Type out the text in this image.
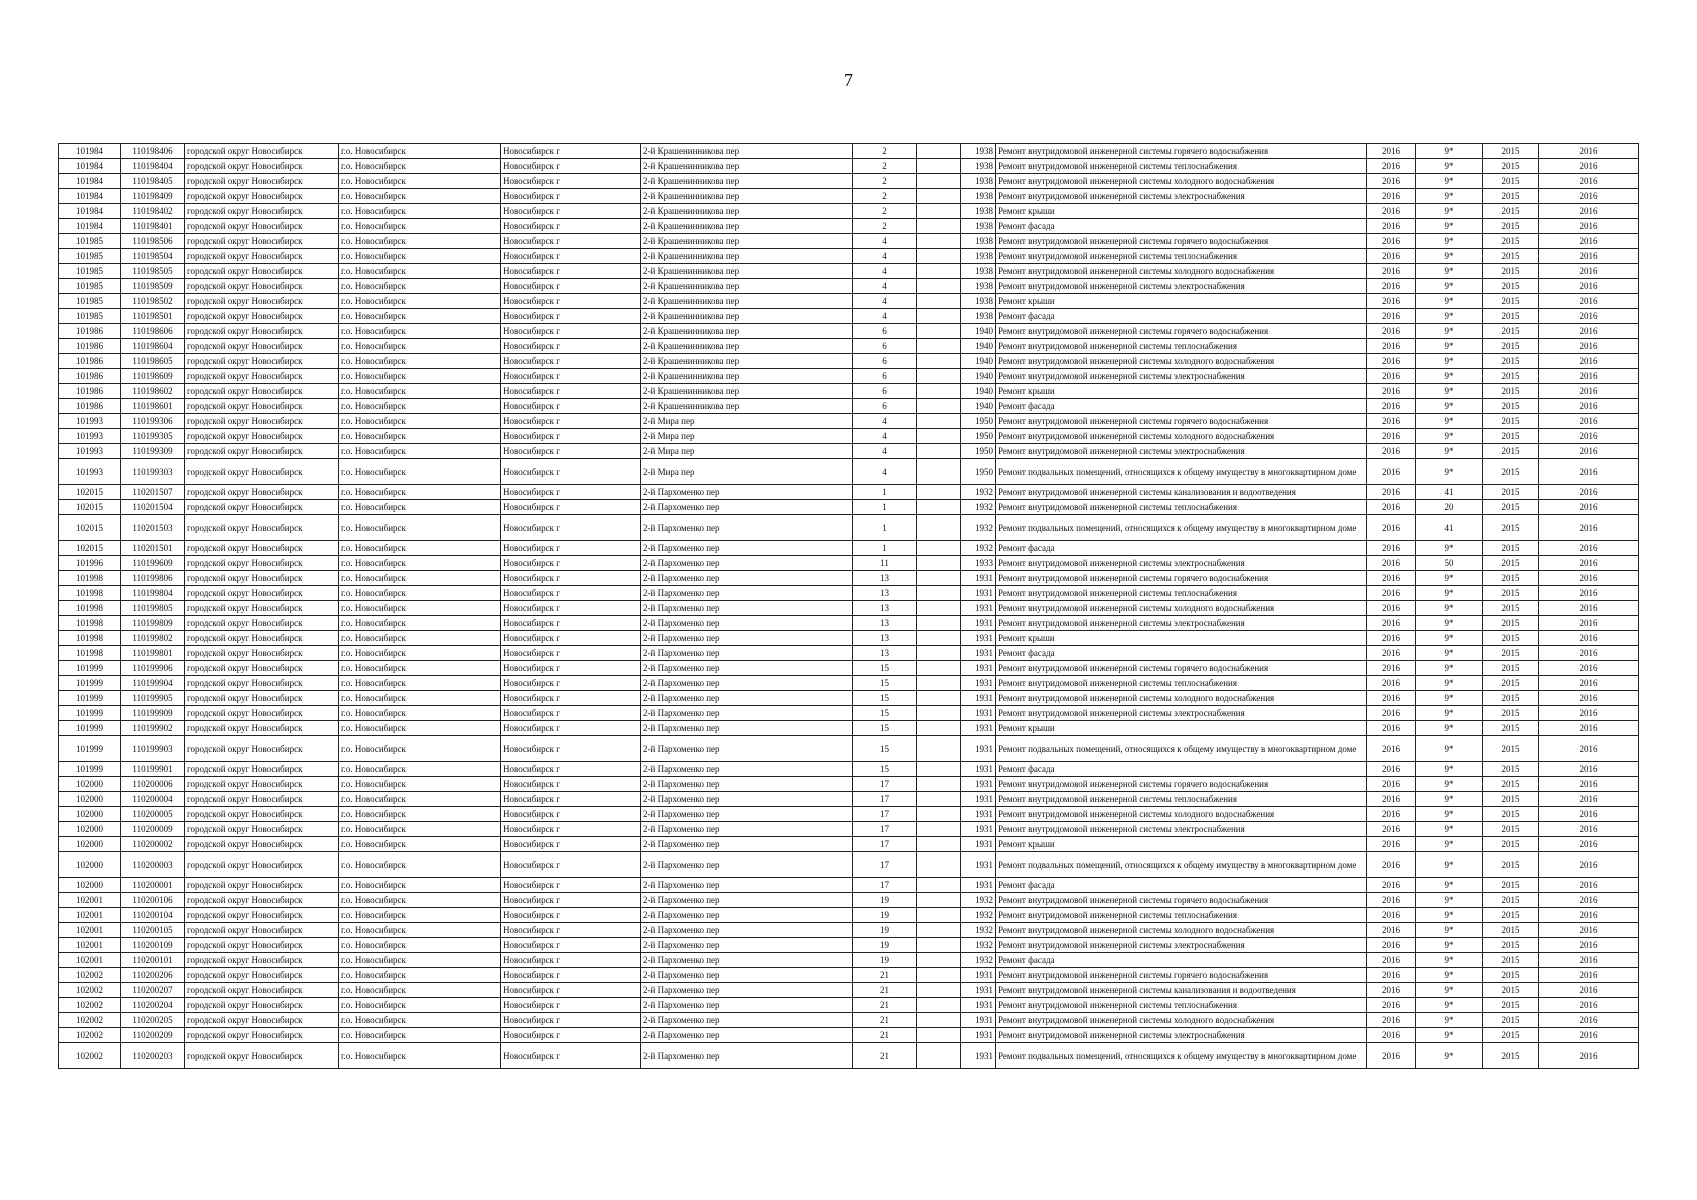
7
101984	110198406	городской округ Новосибирск	г.о. Новосибирск	Новосибирск г	2-й Крашенинникова пер	2		1938	Ремонт внутридомовой инженерной системы горячего водоснабжения	2016	9*	2015	2016
101984	110198404	городской округ Новосибирск	г.о. Новосибирск	Новосибирск г	2-й Крашенинникова пер	2		1938	Ремонт внутридомовой инженерной системы теплоснабжения	2016	9*	2015	2016
101984	110198405	городской округ Новосибирск	г.о. Новосибирск	Новосибирск г	2-й Крашенинникова пер	2		1938	Ремонт внутридомовой инженерной системы холодного водоснабжения	2016	9*	2015	2016
101984	110198409	городской округ Новосибирск	г.о. Новосибирск	Новосибирск г	2-й Крашенинникова пер	2		1938	Ремонт внутридомовой инженерной системы электроснабжения	2016	9*	2015	2016
101984	110198402	городской округ Новосибирск	г.о. Новосибирск	Новосибирск г	2-й Крашенинникова пер	2		1938	Ремонт крыши	2016	9*	2015	2016
101984	110198401	городской округ Новосибирск	г.о. Новосибирск	Новосибирск г	2-й Крашенинникова пер	2		1938	Ремонт фасада	2016	9*	2015	2016
101985	110198506	городской округ Новосибирск	г.о. Новосибирск	Новосибирск г	2-й Крашенинникова пер	4		1938	Ремонт внутридомовой инженерной системы горячего водоснабжения	2016	9*	2015	2016
101985	110198504	городской округ Новосибирск	г.о. Новосибирск	Новосибирск г	2-й Крашенинникова пер	4		1938	Ремонт внутридомовой инженерной системы теплоснабжения	2016	9*	2015	2016
101985	110198505	городской округ Новосибирск	г.о. Новосибирск	Новосибирск г	2-й Крашенинникова пер	4		1938	Ремонт внутридомовой инженерной системы холодного водоснабжения	2016	9*	2015	2016
101985	110198509	городской округ Новосибирск	г.о. Новосибирск	Новосибирск г	2-й Крашенинникова пер	4		1938	Ремонт внутридомовой инженерной системы электроснабжения	2016	9*	2015	2016
101985	110198502	городской округ Новосибирск	г.о. Новосибирск	Новосибирск г	2-й Крашенинникова пер	4		1938	Ремонт крыши	2016	9*	2015	2016
101985	110198501	городской округ Новосибирск	г.о. Новосибирск	Новосибирск г	2-й Крашенинникова пер	4		1938	Ремонт фасада	2016	9*	2015	2016
101986	110198606	городской округ Новосибирск	г.о. Новосибирск	Новосибирск г	2-й Крашенинникова пер	6		1940	Ремонт внутридомовой инженерной системы горячего водоснабжения	2016	9*	2015	2016
101986	110198604	городской округ Новосибирск	г.о. Новосибирск	Новосибирск г	2-й Крашенинникова пер	6		1940	Ремонт внутридомовой инженерной системы теплоснабжения	2016	9*	2015	2016
101986	110198605	городской округ Новосибирск	г.о. Новосибирск	Новосибирск г	2-й Крашенинникова пер	6		1940	Ремонт внутридомовой инженерной системы холодного водоснабжения	2016	9*	2015	2016
101986	110198609	городской округ Новосибирск	г.о. Новосибирск	Новосибирск г	2-й Крашенинникова пер	6		1940	Ремонт внутридомовой инженерной системы электроснабжения	2016	9*	2015	2016
101986	110198602	городской округ Новосибирск	г.о. Новосибирск	Новосибирск г	2-й Крашенинникова пер	6		1940	Ремонт крыши	2016	9*	2015	2016
101986	110198601	городской округ Новосибирск	г.о. Новосибирск	Новосибирск г	2-й Крашенинникова пер	6		1940	Ремонт фасада	2016	9*	2015	2016
101993	110199306	городской округ Новосибирск	г.о. Новосибирск	Новосибирск г	2-й Мира пер	4		1950	Ремонт внутридомовой инженерной системы горячего водоснабжения	2016	9*	2015	2016
101993	110199305	городской округ Новосибирск	г.о. Новосибирск	Новосибирск г	2-й Мира пер	4		1950	Ремонт внутридомовой инженерной системы холодного водоснабжения	2016	9*	2015	2016
101993	110199309	городской округ Новосибирск	г.о. Новосибирск	Новосибирск г	2-й Мира пер	4		1950	Ремонт внутридомовой инженерной системы электроснабжения	2016	9*	2015	2016
101993	110199303	городской округ Новосибирск	г.о. Новосибирск	Новосибирск г	2-й Мира пер	4		1950	Ремонт подвальных помещений, относящихся к общему имуществу в многоквартирном доме	2016	9*	2015	2016
102015	110201507	городской округ Новосибирск	г.о. Новосибирск	Новосибирск г	2-й Пархоменко пер	1		1932	Ремонт внутридомовой инженерной системы канализования и водоотведения	2016	41	2015	2016
102015	110201504	городской округ Новосибирск	г.о. Новосибирск	Новосибирск г	2-й Пархоменко пер	1		1932	Ремонт внутридомовой инженерной системы теплоснабжения	2016	20	2015	2016
102015	110201503	городской округ Новосибирск	г.о. Новосибирск	Новосибирск г	2-й Пархоменко пер	1		1932	Ремонт подвальных помещений, относящихся к общему имуществу в многоквартирном доме	2016	41	2015	2016
102015	110201501	городской округ Новосибирск	г.о. Новосибирск	Новосибирск г	2-й Пархоменко пер	1		1932	Ремонт фасада	2016	9*	2015	2016
101996	110199609	городской округ Новосибирск	г.о. Новосибирск	Новосибирск г	2-й Пархоменко пер	11		1933	Ремонт внутридомовой инженерной системы электроснабжения	2016	50	2015	2016
101998	110199806	городской округ Новосибирск	г.о. Новосибирск	Новосибирск г	2-й Пархоменко пер	13		1931	Ремонт внутридомовой инженерной системы горячего водоснабжения	2016	9*	2015	2016
101998	110199804	городской округ Новосибирск	г.о. Новосибирск	Новосибирск г	2-й Пархоменко пер	13		1931	Ремонт внутридомовой инженерной системы теплоснабжения	2016	9*	2015	2016
101998	110199805	городской округ Новосибирск	г.о. Новосибирск	Новосибирск г	2-й Пархоменко пер	13		1931	Ремонт внутридомовой инженерной системы холодного водоснабжения	2016	9*	2015	2016
101998	110199809	городской округ Новосибирск	г.о. Новосибирск	Новосибирск г	2-й Пархоменко пер	13		1931	Ремонт внутридомовой инженерной системы электроснабжения	2016	9*	2015	2016
101998	110199802	городской округ Новосибирск	г.о. Новосибирск	Новосибирск г	2-й Пархоменко пер	13		1931	Ремонт крыши	2016	9*	2015	2016
101998	110199801	городской округ Новосибирск	г.о. Новосибирск	Новосибирск г	2-й Пархоменко пер	13		1931	Ремонт фасада	2016	9*	2015	2016
101999	110199906	городской округ Новосибирск	г.о. Новосибирск	Новосибирск г	2-й Пархоменко пер	15		1931	Ремонт внутридомовой инженерной системы горячего водоснабжения	2016	9*	2015	2016
101999	110199904	городской округ Новосибирск	г.о. Новосибирск	Новосибирск г	2-й Пархоменко пер	15		1931	Ремонт внутридомовой инженерной системы теплоснабжения	2016	9*	2015	2016
101999	110199905	городской округ Новосибирск	г.о. Новосибирск	Новосибирск г	2-й Пархоменко пер	15		1931	Ремонт внутридомовой инженерной системы холодного водоснабжения	2016	9*	2015	2016
101999	110199909	городской округ Новосибирск	г.о. Новосибирск	Новосибирск г	2-й Пархоменко пер	15		1931	Ремонт внутридомовой инженерной системы электроснабжения	2016	9*	2015	2016
101999	110199902	городской округ Новосибирск	г.о. Новосибирск	Новосибирск г	2-й Пархоменко пер	15		1931	Ремонт крыши	2016	9*	2015	2016
101999	110199903	городской округ Новосибирск	г.о. Новосибирск	Новосибирск г	2-й Пархоменко пер	15		1931	Ремонт подвальных помещений, относящихся к общему имуществу в многоквартирном доме	2016	9*	2015	2016
101999	110199901	городской округ Новосибирск	г.о. Новосибирск	Новосибирск г	2-й Пархоменко пер	15		1931	Ремонт фасада	2016	9*	2015	2016
102000	110200006	городской округ Новосибирск	г.о. Новосибирск	Новосибирск г	2-й Пархоменко пер	17		1931	Ремонт внутридомовой инженерной системы горячего водоснабжения	2016	9*	2015	2016
102000	110200004	городской округ Новосибирск	г.о. Новосибирск	Новосибирск г	2-й Пархоменко пер	17		1931	Ремонт внутридомовой инженерной системы теплоснабжения	2016	9*	2015	2016
102000	110200005	городской округ Новосибирск	г.о. Новосибирск	Новосибирск г	2-й Пархоменко пер	17		1931	Ремонт внутридомовой инженерной системы холодного водоснабжения	2016	9*	2015	2016
102000	110200009	городской округ Новосибирск	г.о. Новосибирск	Новосибирск г	2-й Пархоменко пер	17		1931	Ремонт внутридомовой инженерной системы электроснабжения	2016	9*	2015	2016
102000	110200002	городской округ Новосибирск	г.о. Новосибирск	Новосибирск г	2-й Пархоменко пер	17		1931	Ремонт крыши	2016	9*	2015	2016
102000	110200003	городской округ Новосибирск	г.о. Новосибирск	Новосибирск г	2-й Пархоменко пер	17		1931	Ремонт подвальных помещений, относящихся к общему имуществу в многоквартирном доме	2016	9*	2015	2016
102000	110200001	городской округ Новосибирск	г.о. Новосибирск	Новосибирск г	2-й Пархоменко пер	17		1931	Ремонт фасада	2016	9*	2015	2016
102001	110200106	городской округ Новосибирск	г.о. Новосибирск	Новосибирск г	2-й Пархоменко пер	19		1932	Ремонт внутридомовой инженерной системы горячего водоснабжения	2016	9*	2015	2016
102001	110200104	городской округ Новосибирск	г.о. Новосибирск	Новосибирск г	2-й Пархоменко пер	19		1932	Ремонт внутридомовой инженерной системы теплоснабжения	2016	9*	2015	2016
102001	110200105	городской округ Новосибирск	г.о. Новосибирск	Новосибирск г	2-й Пархоменко пер	19		1932	Ремонт внутридомовой инженерной системы холодного водоснабжения	2016	9*	2015	2016
102001	110200109	городской округ Новосибирск	г.о. Новосибирск	Новосибирск г	2-й Пархоменко пер	19		1932	Ремонт внутридомовой инженерной системы электроснабжения	2016	9*	2015	2016
102001	110200101	городской округ Новосибирск	г.о. Новосибирск	Новосибирск г	2-й Пархоменко пер	19		1932	Ремонт фасада	2016	9*	2015	2016
102002	110200206	городской округ Новосибирск	г.о. Новосибирск	Новосибирск г	2-й Пархоменко пер	21		1931	Ремонт внутридомовой инженерной системы горячего водоснабжения	2016	9*	2015	2016
102002	110200207	городской округ Новосибирск	г.о. Новосибирск	Новосибирск г	2-й Пархоменко пер	21		1931	Ремонт внутридомовой инженерной системы канализования и водоотведения	2016	9*	2015	2016
102002	110200204	городской округ Новосибирск	г.о. Новосибирск	Новосибирск г	2-й Пархоменко пер	21		1931	Ремонт внутридомовой инженерной системы теплоснабжения	2016	9*	2015	2016
102002	110200205	городской округ Новосибирск	г.о. Новосибирск	Новосибирск г	2-й Пархоменко пер	21		1931	Ремонт внутридомовой инженерной системы холодного водоснабжения	2016	9*	2015	2016
102002	110200209	городской округ Новосибирск	г.о. Новосибирск	Новосибирск г	2-й Пархоменко пер	21		1931	Ремонт внутридомовой инженерной системы электроснабжения	2016	9*	2015	2016
102002	110200203	городской округ Новосибирск	г.о. Новосибирск	Новосибирск г	2-й Пархоменко пер	21		1931	Ремонт подвальных помещений, относящихся к общему имуществу в многоквартирном доме	2016	9*	2015	2016
